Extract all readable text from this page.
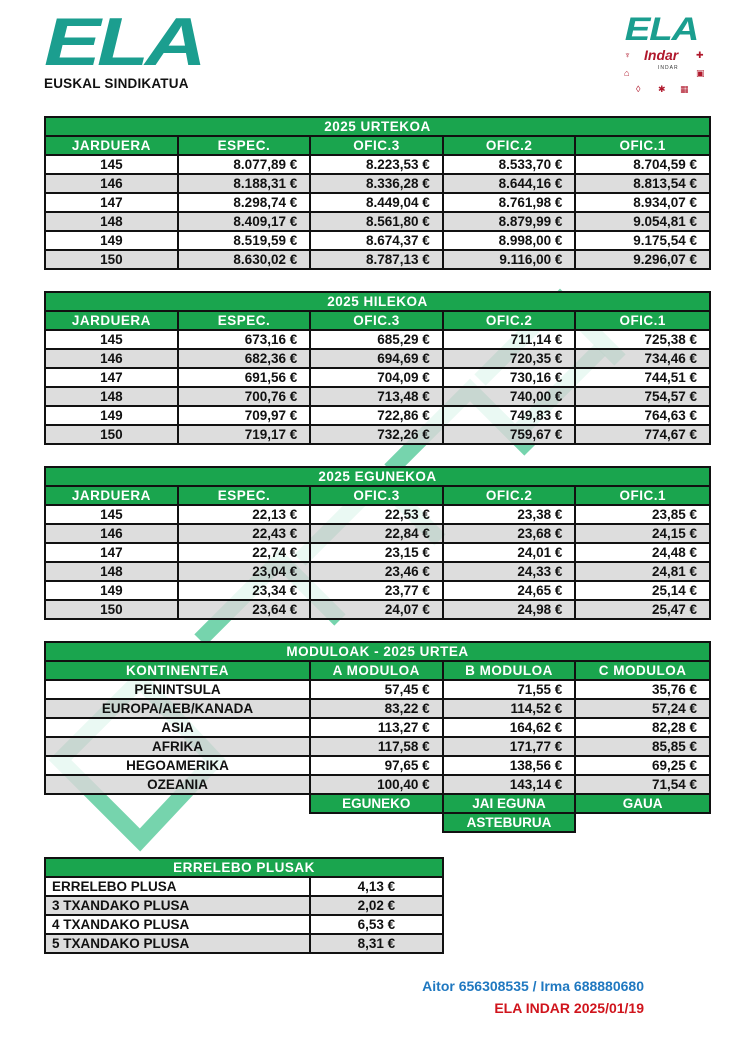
ELA
EUSKAL SINDIKATUA
ELA
Indar
INDAR
♆	✚
⌂	▣
◊ ✱ ▦
2025 URTEKOA				
JARDUERA	ESPEC.	OFIC.3	OFIC.2	OFIC.1
145	8.077,89 €	8.223,53 €	8.533,70 €	8.704,59 €
146	8.188,31 €	8.336,28 €	8.644,16 €	8.813,54 €
147	8.298,74 €	8.449,04 €	8.761,98 €	8.934,07 €
148	8.409,17 €	8.561,80 €	8.879,99 €	9.054,81 €
149	8.519,59 €	8.674,37 €	8.998,00 €	9.175,54 €
150	8.630,02 €	8.787,13 €	9.116,00 €	9.296,07 €
2025 HILEKOA				
JARDUERA	ESPEC.	OFIC.3	OFIC.2	OFIC.1
145	673,16 €	685,29 €	711,14 €	725,38 €
146	682,36 €	694,69 €	720,35 €	734,46 €
147	691,56 €	704,09 €	730,16 €	744,51 €
148	700,76 €	713,48 €	740,00 €	754,57 €
149	709,97 €	722,86 €	749,83 €	764,63 €
150	719,17 €	732,26 €	759,67 €	774,67 €
2025 EGUNEKOA				
JARDUERA	ESPEC.	OFIC.3	OFIC.2	OFIC.1
145	22,13 €	22,53 €	23,38 €	23,85 €
146	22,43 €	22,84 €	23,68 €	24,15 €
147	22,74 €	23,15 €	24,01 €	24,48 €
148	23,04 €	23,46 €	24,33 €	24,81 €
149	23,34 €	23,77 €	24,65 €	25,14 €
150	23,64 €	24,07 €	24,98 €	25,47 €
MODULOAK - 2025 URTEA			
KONTINENTEA	A MODULOA	B MODULOA	C MODULOA
PENINTSULA	57,45 €	71,55 €	35,76 €
EUROPA/AEB/KANADA	83,22 €	114,52 €	57,24 €
ASIA	113,27 €	164,62 €	82,28 €
AFRIKA	117,58 €	171,77 €	85,85 €
HEGOAMERIKA	97,65 €	138,56 €	69,25 €
OZEANIA	100,40 €	143,14 €	71,54 €
	EGUNEKO	JAI EGUNA	GAUA
		ASTEBURUA	
ERRELEBO PLUSAK	
ERRELEBO PLUSA	4,13 €
3 TXANDAKO PLUSA	2,02 €
4 TXANDAKO PLUSA	6,53 €
5 TXANDAKO PLUSA	8,31 €
Aitor 656308535 / Irma 688880680
ELA INDAR 2025/01/19
